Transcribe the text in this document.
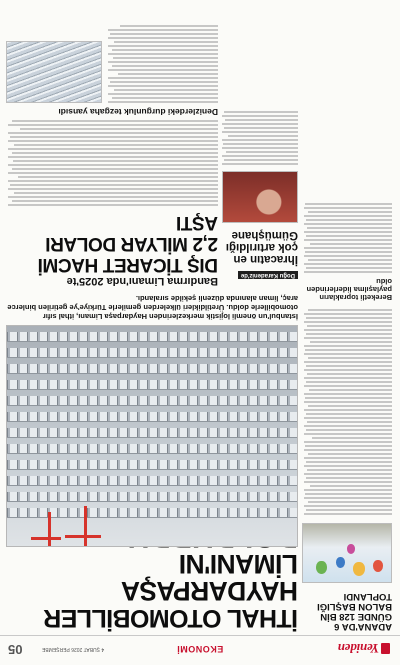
Yeniden
EKONOMİ
4 ŞUBAT 2026 PERŞEMBE
05
ADANA'DA 6 GÜNDE 128 BİN BALON BAŞLIĞI TOPLANDI
Bereketli toprakların paylaşılma liderlerinden oldu
İTHAL OTOMOBİLLER
HAYDARPAŞA LİMANI'NI
İstanbul'un önemli lojistik merkezlerinden Haydarpaşa Limanı, ithal sıfır otomobillerle doldu. Üretildikleri ülkelerden gemilerle Türkiye'ye getirilen binlerce araç, liman alanında düzenli şekilde sıralandı.
Doğu Karadeniz'de
İhracatın en çok artırıldığı Gümüşhane
Bandırma Limanı'nda 2025'te
DIŞ TİCARET HACMİ
2,2 MİLYAR DOLARI AŞTI
Denizlerdeki durgunluk tezgaha yansıdı
